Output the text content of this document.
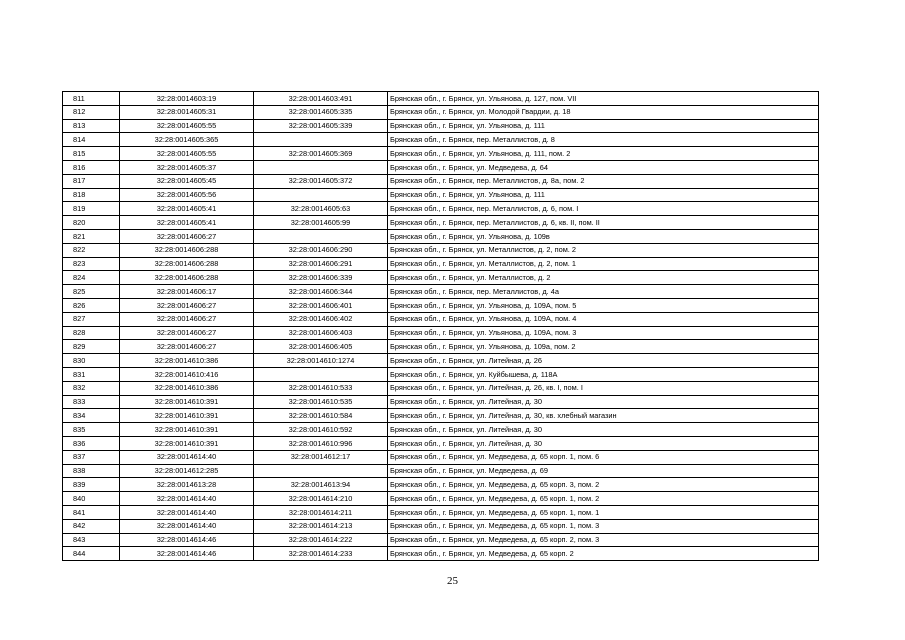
811	32:28:0014603:19	32:28:0014603:491	Брянская обл., г. Брянск, ул. Ульянова, д. 127, пом. VII
812	32:28:0014605:31	32:28:0014605:335	Брянская обл., г. Брянск, ул. Молодой Гвардии, д. 18
813	32:28:0014605:55	32:28:0014605:339	Брянская обл., г. Брянск, ул. Ульянова, д. 111
814	32:28:0014605:365		Брянская обл., г. Брянск, пер. Металлистов, д. 8
815	32:28:0014605:55	32:28:0014605:369	Брянская обл., г. Брянск, ул. Ульянова, д. 111, пом. 2
816	32:28:0014605:37		Брянская обл., г. Брянск, ул. Медведева, д. 64
817	32:28:0014605:45	32:28:0014605:372	Брянская обл., г. Брянск, пер. Металлистов, д. 8а, пом. 2
818	32:28:0014605:56		Брянская обл., г. Брянск, ул. Ульянова, д. 111
819	32:28:0014605:41	32:28:0014605:63	Брянская обл., г. Брянск, пер. Металлистов, д. 6, пом. I
820	32:28:0014605:41	32:28:0014605:99	Брянская обл., г. Брянск, пер. Металлистов, д. 6, кв. II, пом. II
821	32:28:0014606:27		Брянская обл., г. Брянск, ул. Ульянова, д. 109в
822	32:28:0014606:288	32:28:0014606:290	Брянская обл., г. Брянск, ул. Металлистов, д. 2, пом. 2
823	32:28:0014606:288	32:28:0014606:291	Брянская обл., г. Брянск, ул. Металлистов, д. 2, пом. 1
824	32:28:0014606:288	32:28:0014606:339	Брянская обл., г. Брянск, ул. Металлистов, д. 2
825	32:28:0014606:17	32:28:0014606:344	Брянская обл., г. Брянск, пер. Металлистов, д. 4а
826	32:28:0014606:27	32:28:0014606:401	Брянская обл., г. Брянск, ул. Ульянова, д. 109А, пом. 5
827	32:28:0014606:27	32:28:0014606:402	Брянская обл., г. Брянск, ул. Ульянова, д. 109А, пом. 4
828	32:28:0014606:27	32:28:0014606:403	Брянская обл., г. Брянск, ул. Ульянова, д. 109А, пом. 3
829	32:28:0014606:27	32:28:0014606:405	Брянская обл., г. Брянск, ул. Ульянова, д. 109а, пом. 2
830	32:28:0014610:386	32:28:0014610:1274	Брянская обл., г. Брянск, ул. Литейная, д. 26
831	32:28:0014610:416		Брянская обл., г. Брянск, ул. Куйбышева, д. 118А
832	32:28:0014610:386	32:28:0014610:533	Брянская обл., г. Брянск, ул. Литейная, д. 26, кв. I, пом. I
833	32:28:0014610:391	32:28:0014610:535	Брянская обл., г. Брянск, ул. Литейная, д. 30
834	32:28:0014610:391	32:28:0014610:584	Брянская обл., г. Брянск, ул. Литейная, д. 30, кв. хлебный магазин
835	32:28:0014610:391	32:28:0014610:592	Брянская обл., г. Брянск, ул. Литейная, д. 30
836	32:28:0014610:391	32:28:0014610:996	Брянская обл., г. Брянск, ул. Литейная, д. 30
837	32:28:0014614:40	32:28:0014612:17	Брянская обл., г. Брянск, ул. Медведева, д. 65 корп. 1, пом. 6
838	32:28:0014612:285		Брянская обл., г. Брянск, ул. Медведева, д. 69
839	32:28:0014613:28	32:28:0014613:94	Брянская обл., г. Брянск, ул. Медведева, д. 65 корп. 3, пом. 2
840	32:28:0014614:40	32:28:0014614:210	Брянская обл., г. Брянск, ул. Медведева, д. 65 корп. 1, пом. 2
841	32:28:0014614:40	32:28:0014614:211	Брянская обл., г. Брянск, ул. Медведева, д. 65 корп. 1, пом. 1
842	32:28:0014614:40	32:28:0014614:213	Брянская обл., г. Брянск, ул. Медведева, д. 65 корп. 1, пом. 3
843	32:28:0014614:46	32:28:0014614:222	Брянская обл., г. Брянск, ул. Медведева, д. 65 корп. 2, пом. 3
844	32:28:0014614:46	32:28:0014614:233	Брянская обл., г. Брянск, ул. Медведева, д. 65 корп. 2
25
